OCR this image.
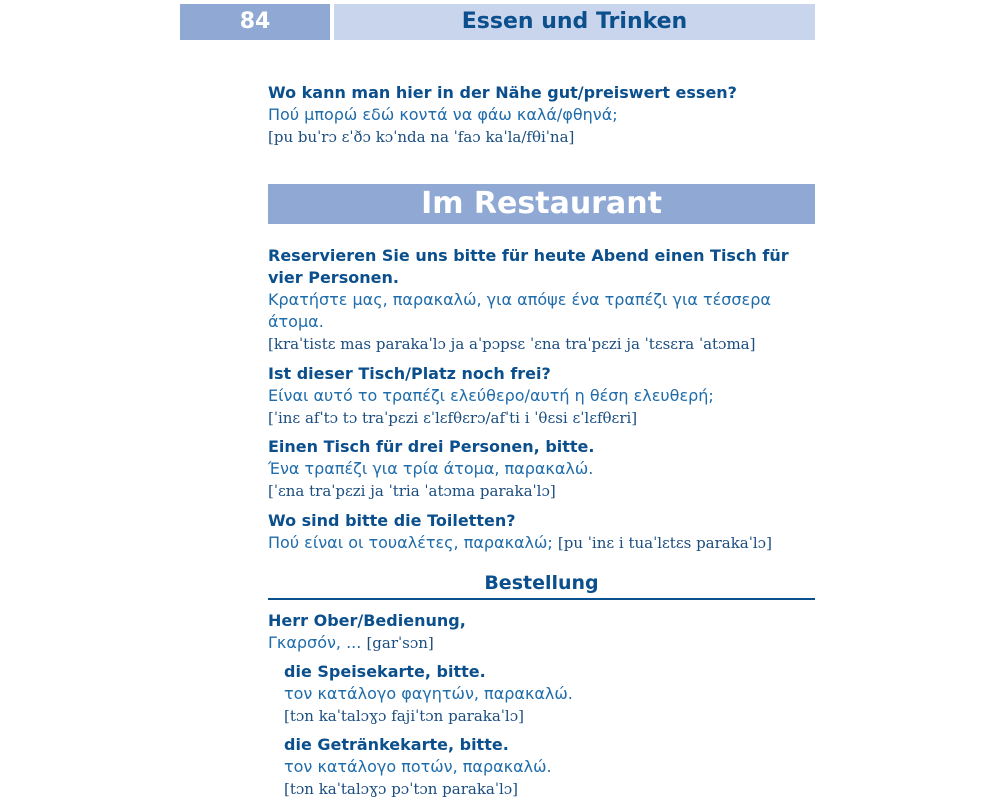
84	Essen und Trinken
Wo kann man hier in der Nähe gut/preiswert essen?
Πού μπορώ εδώ κοντά να φάω καλά/φθηνά;
[pu buˈrɔ ɛˈðɔ kɔˈnda na ˈfaɔ kaˈla/fθiˈna]
Im Restaurant
Reservieren Sie uns bitte für heute Abend einen Tisch für vier Personen.
Κρατήστε μας, παρακαλώ, για απόψε ένα τραπέζι για τέσσερα άτομα.
[kraˈtistɛ mas parakaˈlɔ ja aˈpɔpsɛ ˈɛna traˈpɛzi ja ˈtɛsɛra ˈatɔma]
Ist dieser Tisch/Platz noch frei?
Είναι αυτό το τραπέζι ελεύθερο/αυτή η θέση ελευθερή;
[ˈinɛ afˈtɔ tɔ traˈpɛzi ɛˈlɛfθɛrɔ/afˈti i ˈθɛsi ɛˈlɛfθɛri]
Einen Tisch für drei Personen, bitte.
Ένα τραπέζι για τρία άτομα, παρακαλώ.
[ˈɛna traˈpɛzi ja ˈtria ˈatɔma parakaˈlɔ]
Wo sind bitte die Toiletten?
Πού είναι οι τουαλέτες, παρακαλώ; [pu ˈinɛ i tuaˈlɛtɛs parakaˈlɔ]
Bestellung
Herr Ober/Bedienung,
Γκαρσόν, ... [garˈsɔn]
die Speisekarte, bitte.
τον κατάλογο φαγητών, παρακαλώ.
[tɔn kaˈtalɔɣɔ fajiˈtɔn parakaˈlɔ]
die Getränkekarte, bitte.
τον κατάλογο ποτών, παρακαλώ.
[tɔn kaˈtalɔɣɔ pɔˈtɔn parakaˈlɔ]
